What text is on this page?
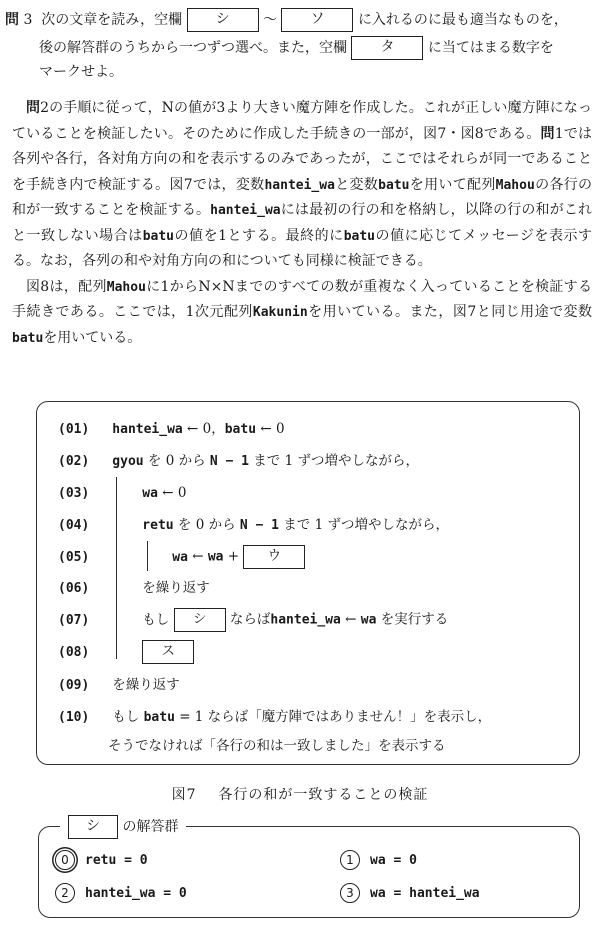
問 3 次の文章を読み，空欄 シ ～ ソ に入れるのに最も適当なものを，
後の解答群のうちから一つずつ選べ。また，空欄 タ に当てはまる数字を
マークせよ。

問2の手順に従って，Nの値が3より大きい魔方陣を作成した。これが正しい魔方陣になっていることを検証したい。そのために作成した手続きの一部が，図7・図8である。問1では各列や各行，各対角方向の和を表示するのみであったが，ここではそれらが同一であることを手続き内で検証する。図7では，変数hantei_waと変数batuを用いて配列Mahouの各行の和が一致することを検証する。hantei_waには最初の行の和を格納し，以降の行の和がこれと一致しない場合はbatuの値を1とする。最終的にbatuの値に応じてメッセージを表示する。なお，各列の和や対角方向の和についても同様に検証できる。

図8は，配列Mahouに1からN×Nまでのすべての数が重複なく入っていることを検証する手続きである。ここでは，1次元配列Kakuninを用いている。また，図7と同じ用途で変数batuを用いている。

(01) hantei_wa ← 0，batu ← 0
(02) gyou を 0 から N − 1 まで 1 ずつ増やしながら，
(03)	wa ← 0
(04)	retu を 0 から N − 1 まで 1 ずつ増やしながら，
(05)	wa ← wa + ウ
(06)	を繰り返す
(07)	もし シ ならばhantei_wa ← wa を実行する
(08)	ス
(09) を繰り返す
(10) もし batu = 1 ならば「魔方陣ではありません！」を表示し，
そうでなければ「各行の和は一致しました」を表示する
図7 各行の和が一致することの検証
シ の解答群
0 retu = 0	1 wa = 0
2 hantei_wa = 0	3 wa = hantei_wa
